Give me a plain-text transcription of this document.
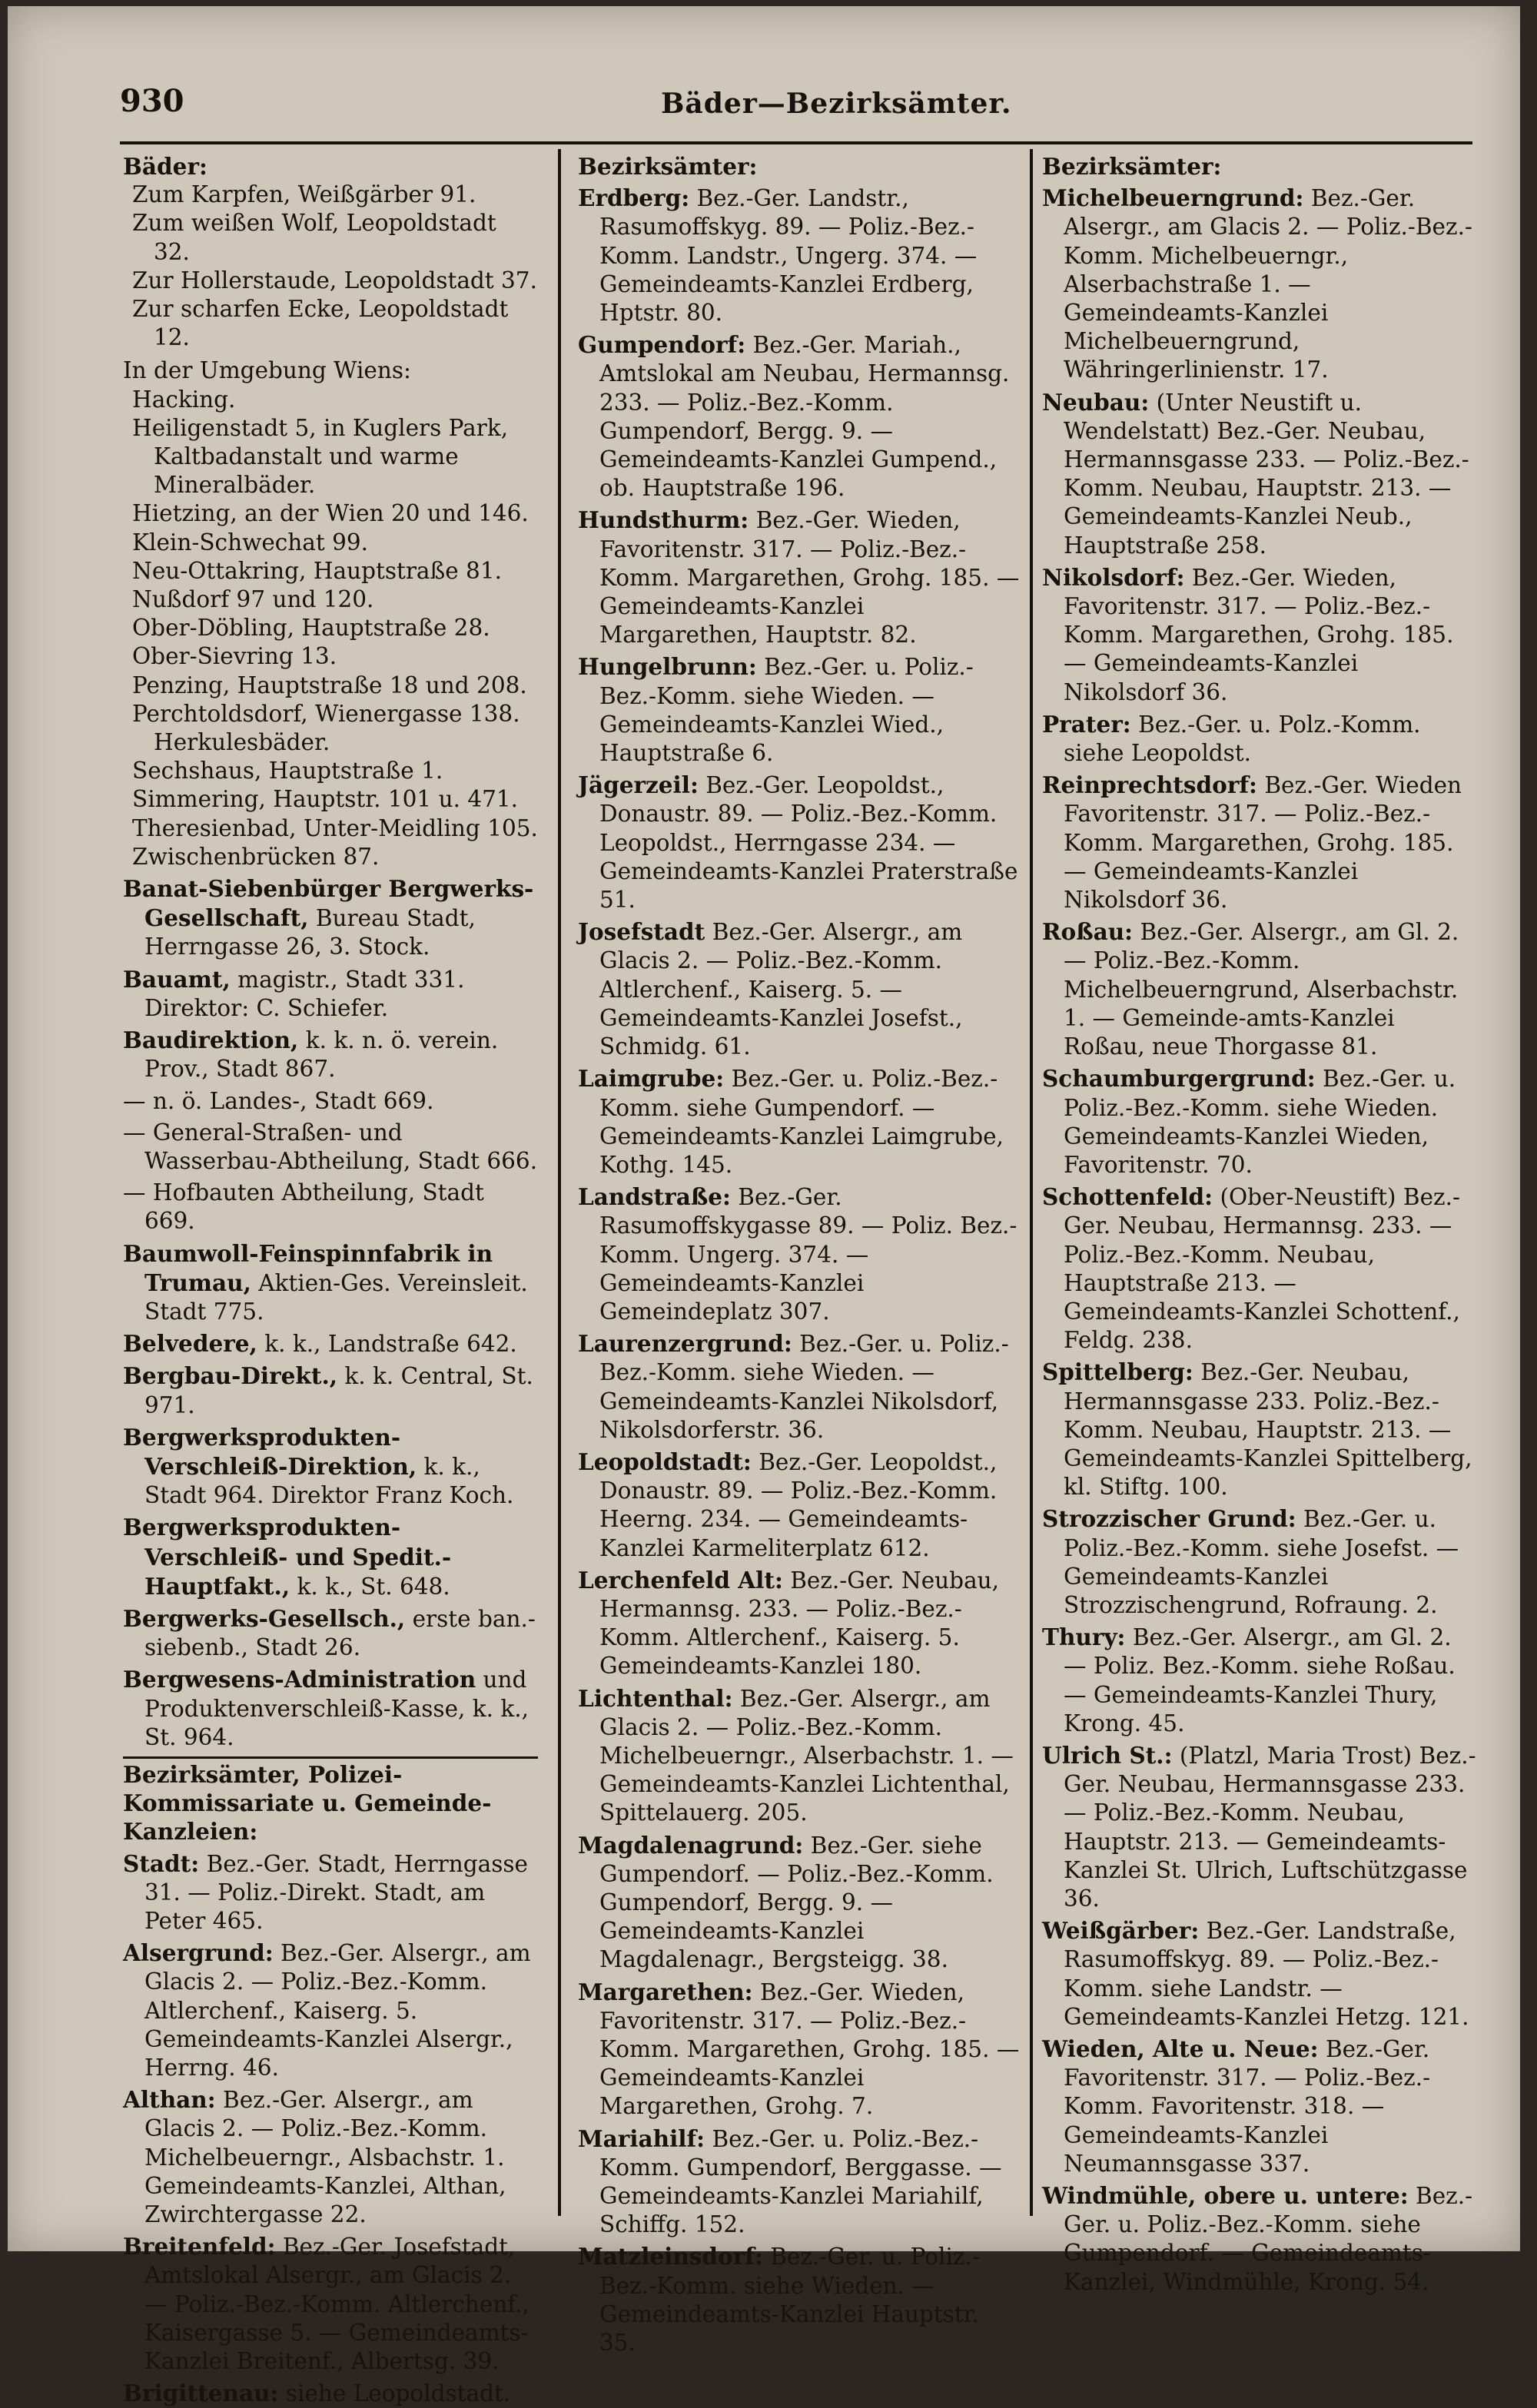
930	Bäder—Bezirksämter.
Bäder:

Zum Karpfen, Weißgärber 91.

Zum weißen Wolf, Leopoldstadt 32.

Zur Hollerstaude, Leopoldstadt 37.

Zur scharfen Ecke, Leopoldstadt 12.

In der Umgebung Wiens:

Hacking.

Heiligenstadt 5, in Kuglers Park, Kaltbadanstalt und warme Mineralbäder.

Hietzing, an der Wien 20 und 146.

Klein-Schwechat 99.

Neu-Ottakring, Hauptstraße 81.

Nußdorf 97 und 120.

Ober-Döbling, Hauptstraße 28.

Ober-Sievring 13.

Penzing, Hauptstraße 18 und 208.

Perchtoldsdorf, Wienergasse 138. Herkulesbäder.

Sechshaus, Hauptstraße 1.

Simmering, Hauptstr. 101 u. 471.

Theresienbad, Unter-Meidling 105.

Zwischenbrücken 87.

Banat-Siebenbürger Bergwerks-Gesellschaft, Bureau Stadt, Herrngasse 26, 3. Stock.

Bauamt, magistr., Stadt 331. Direktor: C. Schiefer.

Baudirektion, k. k. n. ö. verein. Prov., Stadt 867.

— n. ö. Landes-, Stadt 669.

— General-Straßen- und Wasserbau-Abtheilung, Stadt 666.

— Hofbauten Abtheilung, Stadt 669.

Baumwoll-Feinspinnfabrik in Trumau, Aktien-Ges. Vereinsleit. Stadt 775.

Belvedere, k. k., Landstraße 642.

Bergbau-Direkt., k. k. Central, St. 971.

Bergwerksprodukten-Verschleiß-Direktion, k. k., Stadt 964. Direktor Franz Koch.

Bergwerksprodukten-Verschleiß- und Spedit.-Hauptfakt., k. k., St. 648.

Bergwerks-Gesellsch., erste ban.-siebenb., Stadt 26.

Bergwesens-Administration und Produktenverschleiß-Kasse, k. k., St. 964.

Bezirksämter, Polizei-Kommissariate u. Gemeinde-Kanzleien:

Stadt: Bez.-Ger. Stadt, Herrngasse 31. — Poliz.-Direkt. Stadt, am Peter 465.

Alsergrund: Bez.-Ger. Alsergr., am Glacis 2. — Poliz.-Bez.-Komm. Altlerchenf., Kaiserg. 5. Gemeindeamts-Kanzlei Alsergr., Herrng. 46.

Althan: Bez.-Ger. Alsergr., am Glacis 2. — Poliz.-Bez.-Komm. Michelbeuerngr., Alsbachstr. 1. Gemeindeamts-Kanzlei, Althan, Zwirchtergasse 22.

Breitenfeld: Bez.-Ger. Josefstadt, Amtslokal Alsergr., am Glacis 2. — Poliz.-Bez.-Komm. Altlerchenf., Kaisergasse 5. — Gemeindeamts-Kanzlei Breitenf., Albertsg. 39.

Brigittenau: siehe Leopoldstadt.

Bezirksämter:

Erdberg: Bez.-Ger. Landstr., Rasumoffskyg. 89. — Poliz.-Bez.-Komm. Landstr., Ungerg. 374. — Gemeindeamts-Kanzlei Erdberg, Hptstr. 80.

Gumpendorf: Bez.-Ger. Mariah., Amtslokal am Neubau, Hermannsg. 233. — Poliz.-Bez.-Komm. Gumpendorf, Bergg. 9. — Gemeindeamts-Kanzlei Gumpend., ob. Hauptstraße 196.

Hundsthurm: Bez.-Ger. Wieden, Favoritenstr. 317. — Poliz.-Bez.-Komm. Margarethen, Grohg. 185. — Gemeindeamts-Kanzlei Margarethen, Hauptstr. 82.

Hungelbrunn: Bez.-Ger. u. Poliz.-Bez.-Komm. siehe Wieden. — Gemeindeamts-Kanzlei Wied., Hauptstraße 6.

Jägerzeil: Bez.-Ger. Leopoldst., Donaustr. 89. — Poliz.-Bez.-Komm. Leopoldst., Herrngasse 234. — Gemeindeamts-Kanzlei Praterstraße 51.

Josefstadt Bez.-Ger. Alsergr., am Glacis 2. — Poliz.-Bez.-Komm. Altlerchenf., Kaiserg. 5. — Gemeindeamts-Kanzlei Josefst., Schmidg. 61.

Laimgrube: Bez.-Ger. u. Poliz.-Bez.-Komm. siehe Gumpendorf. — Gemeindeamts-Kanzlei Laimgrube, Kothg. 145.

Landstraße: Bez.-Ger. Rasumoffskygasse 89. — Poliz. Bez.-Komm. Ungerg. 374. — Gemeindeamts-Kanzlei Gemeindeplatz 307.

Laurenzergrund: Bez.-Ger. u. Poliz.-Bez.-Komm. siehe Wieden. — Gemeindeamts-Kanzlei Nikolsdorf, Nikolsdorferstr. 36.

Leopoldstadt: Bez.-Ger. Leopoldst., Donaustr. 89. — Poliz.-Bez.-Komm. Heerng. 234. — Gemeindeamts-Kanzlei Karmeliterplatz 612.

Lerchenfeld Alt: Bez.-Ger. Neubau, Hermannsg. 233. — Poliz.-Bez.-Komm. Altlerchenf., Kaiserg. 5. Gemeindeamts-Kanzlei 180.

Lichtenthal: Bez.-Ger. Alsergr., am Glacis 2. — Poliz.-Bez.-Komm. Michelbeuerngr., Alserbachstr. 1. — Gemeindeamts-Kanzlei Lichtenthal, Spittelauerg. 205.

Magdalenagrund: Bez.-Ger. siehe Gumpendorf. — Poliz.-Bez.-Komm. Gumpendorf, Bergg. 9. — Gemeindeamts-Kanzlei Magdalenagr., Bergsteigg. 38.

Margarethen: Bez.-Ger. Wieden, Favoritenstr. 317. — Poliz.-Bez.-Komm. Margarethen, Grohg. 185. — Gemeindeamts-Kanzlei Margarethen, Grohg. 7.

Mariahilf: Bez.-Ger. u. Poliz.-Bez.-Komm. Gumpendorf, Berggasse. — Gemeindeamts-Kanzlei Mariahilf, Schiffg. 152.

Matzleinsdorf: Bez.-Ger. u. Poliz.-Bez.-Komm. siehe Wieden. — Gemeindeamts-Kanzlei Hauptstr. 35.

Bezirksämter:

Michelbeuerngrund: Bez.-Ger. Alsergr., am Glacis 2. — Poliz.-Bez.-Komm. Michelbeuerngr., Alserbachstraße 1. — Gemeindeamts-Kanzlei Michelbeuerngrund, Währingerlinienstr. 17.

Neubau: (Unter Neustift u. Wendelstatt) Bez.-Ger. Neubau, Hermannsgasse 233. — Poliz.-Bez.-Komm. Neubau, Hauptstr. 213. — Gemeindeamts-Kanzlei Neub., Hauptstraße 258.

Nikolsdorf: Bez.-Ger. Wieden, Favoritenstr. 317. — Poliz.-Bez.-Komm. Margarethen, Grohg. 185. — Gemeindeamts-Kanzlei Nikolsdorf 36.

Prater: Bez.-Ger. u. Polz.-Komm. siehe Leopoldst.

Reinprechtsdorf: Bez.-Ger. Wieden Favoritenstr. 317. — Poliz.-Bez.-Komm. Margarethen, Grohg. 185. — Gemeindeamts-Kanzlei Nikolsdorf 36.

Roßau: Bez.-Ger. Alsergr., am Gl. 2. — Poliz.-Bez.-Komm. Michelbeuerngrund, Alserbachstr. 1. — Gemeinde-amts-Kanzlei Roßau, neue Thorgasse 81.

Schaumburgergrund: Bez.-Ger. u. Poliz.-Bez.-Komm. siehe Wieden. Gemeindeamts-Kanzlei Wieden, Favoritenstr. 70.

Schottenfeld: (Ober-Neustift) Bez.-Ger. Neubau, Hermannsg. 233. — Poliz.-Bez.-Komm. Neubau, Hauptstraße 213. — Gemeindeamts-Kanzlei Schottenf., Feldg. 238.

Spittelberg: Bez.-Ger. Neubau, Hermannsgasse 233. Poliz.-Bez.-Komm. Neubau, Hauptstr. 213. — Gemeindeamts-Kanzlei Spittelberg, kl. Stiftg. 100.

Strozzischer Grund: Bez.-Ger. u. Poliz.-Bez.-Komm. siehe Josefst. — Gemeindeamts-Kanzlei Strozzischengrund, Rofraung. 2.

Thury: Bez.-Ger. Alsergr., am Gl. 2. — Poliz. Bez.-Komm. siehe Roßau. — Gemeindeamts-Kanzlei Thury, Krong. 45.

Ulrich St.: (Platzl, Maria Trost) Bez.-Ger. Neubau, Hermannsgasse 233. — Poliz.-Bez.-Komm. Neubau, Hauptstr. 213. — Gemeindeamts-Kanzlei St. Ulrich, Luftschützgasse 36.

Weißgärber: Bez.-Ger. Landstraße, Rasumoffskyg. 89. — Poliz.-Bez.-Komm. siehe Landstr. — Gemeindeamts-Kanzlei Hetzg. 121.

Wieden, Alte u. Neue: Bez.-Ger. Favoritenstr. 317. — Poliz.-Bez.-Komm. Favoritenstr. 318. — Gemeindeamts-Kanzlei Neumannsgasse 337.

Windmühle, obere u. untere: Bez.-Ger. u. Poliz.-Bez.-Komm. siehe Gumpendorf. — Gemeindeamts-Kanzlei, Windmühle, Krong. 54.
